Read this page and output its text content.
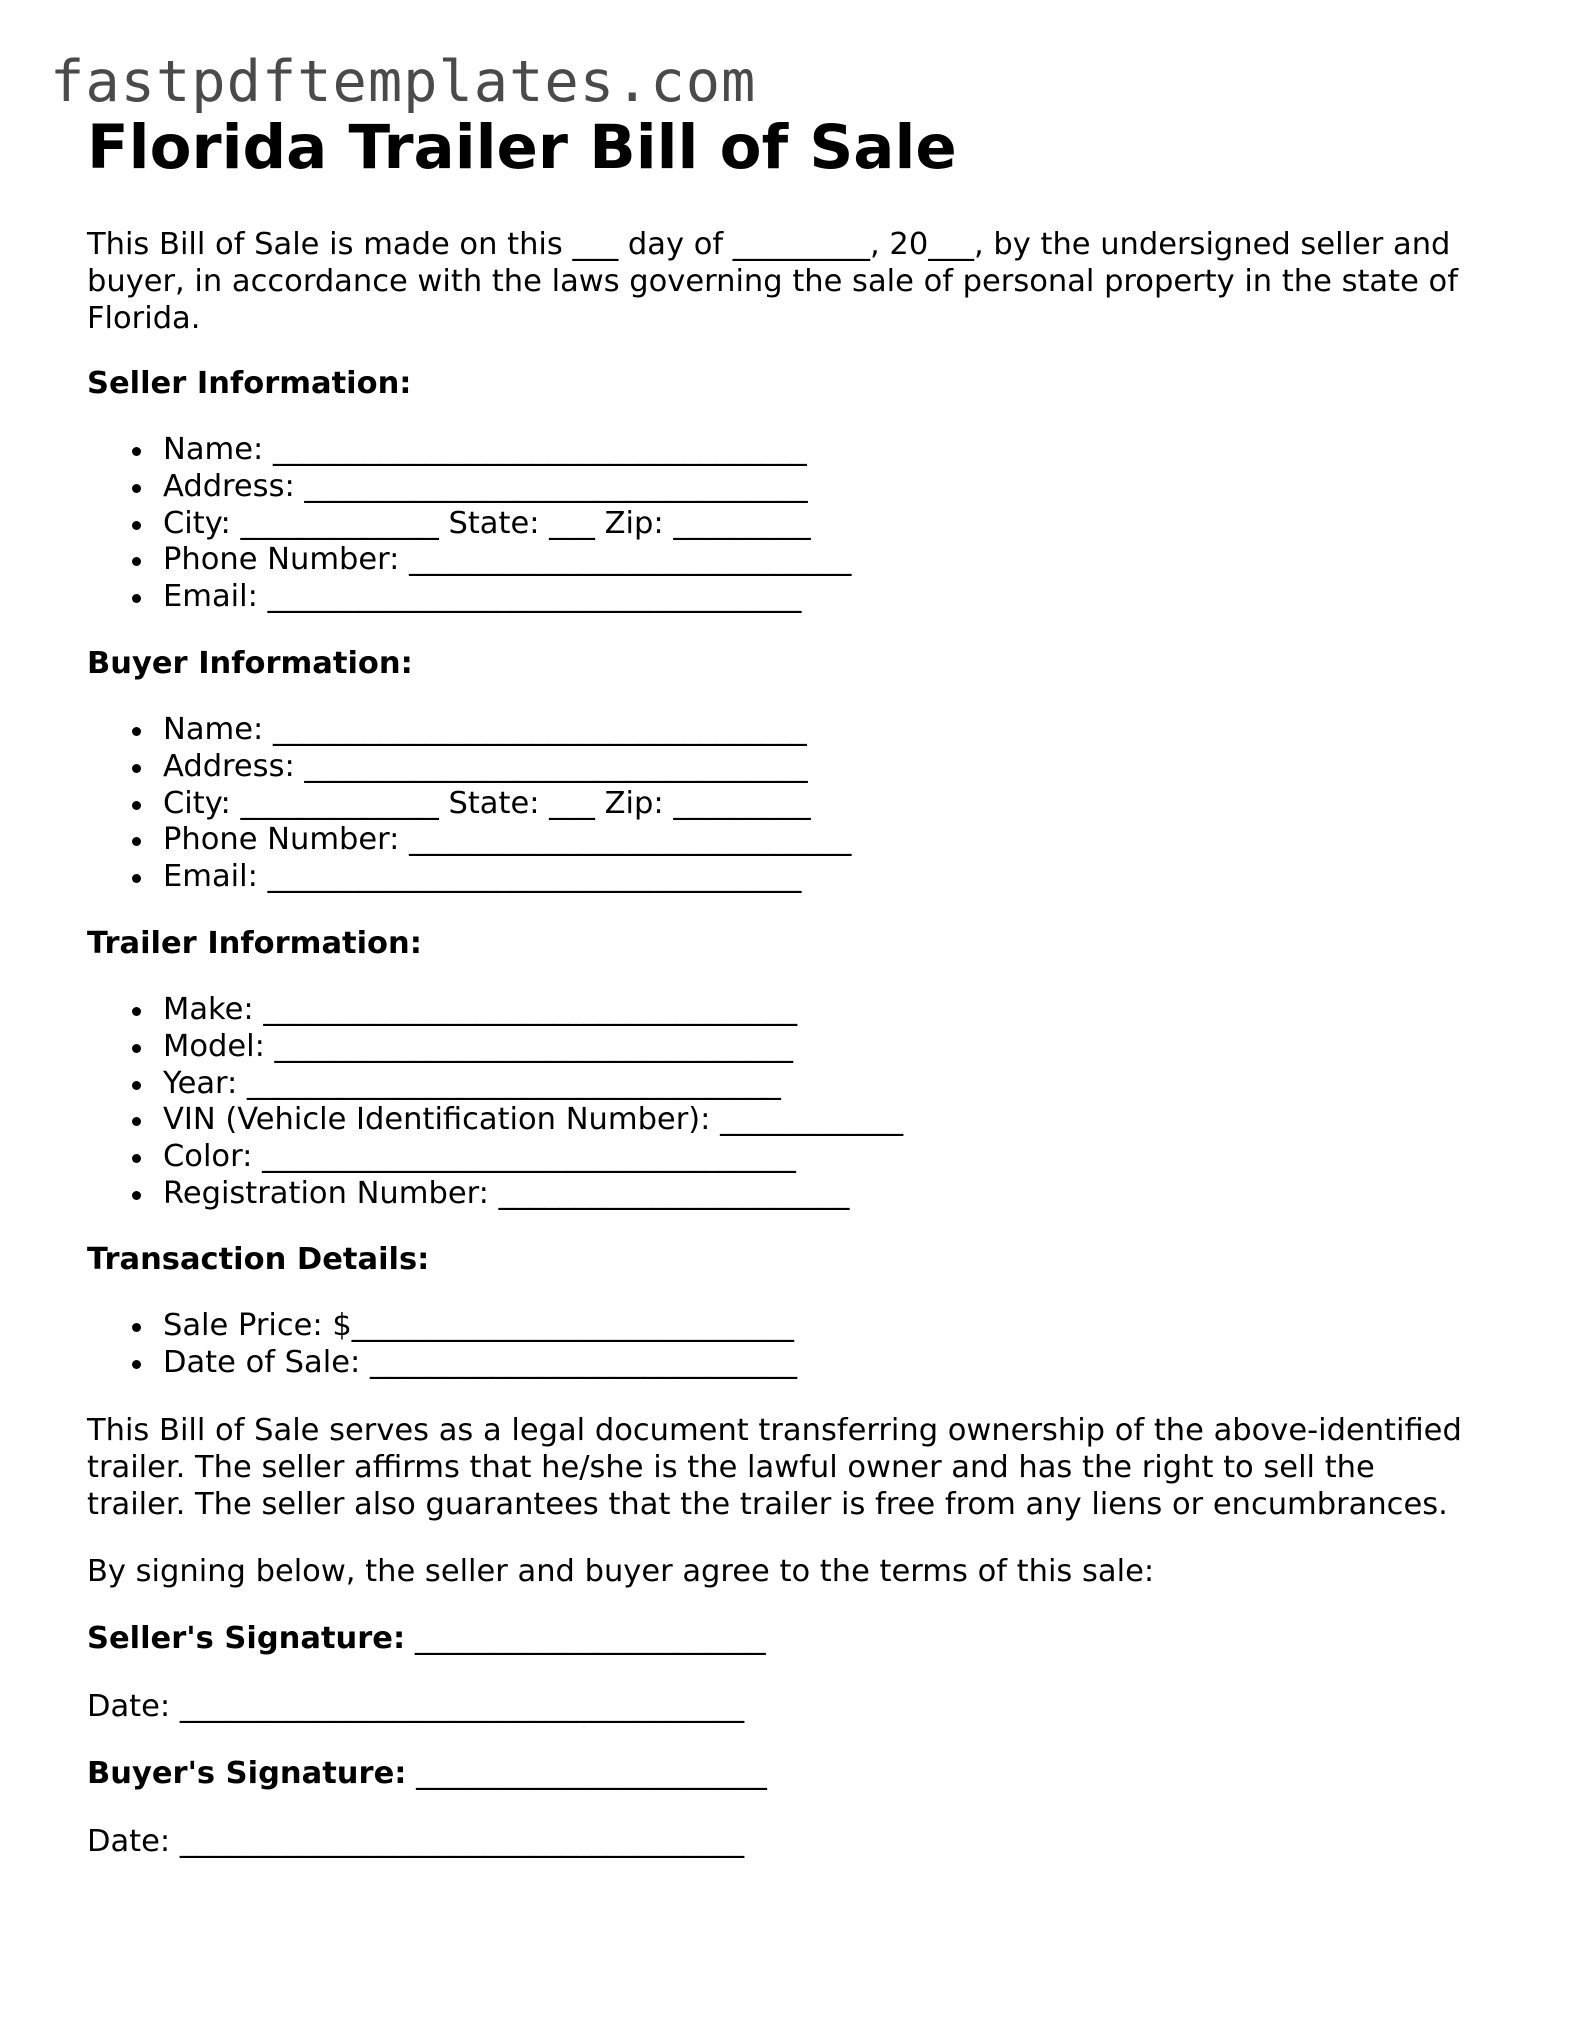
fastpdftemplates.com
Florida Trailer Bill of Sale

This Bill of Sale is made on this ___ day of _________, 20___, by the undersigned seller and buyer, in accordance with the laws governing the sale of personal property in the state of Florida.

Seller Information:

Name: ___________________________________
Address: _________________________________
City: _____________ State: ___ Zip: _________
Phone Number: _____________________________
Email: ___________________________________

Buyer Information:

Name: ___________________________________
Address: _________________________________
City: _____________ State: ___ Zip: _________
Phone Number: _____________________________
Email: ___________________________________

Trailer Information:

Make: ___________________________________
Model: __________________________________
Year: ___________________________________
VIN (Vehicle Identification Number): ____________
Color: ___________________________________
Registration Number: _______________________

Transaction Details:

Sale Price: $_____________________________
Date of Sale: ____________________________

This Bill of Sale serves as a legal document transferring ownership of the above-identified

trailer. The seller affirms that he/she is the lawful owner and has the right to sell the

trailer. The seller also guarantees that the trailer is free from any liens or encumbrances.

By signing below, the seller and buyer agree to the terms of this sale:

Seller's Signature: _______________________

Date: _____________________________________

Buyer's Signature: _______________________

Date: _____________________________________
